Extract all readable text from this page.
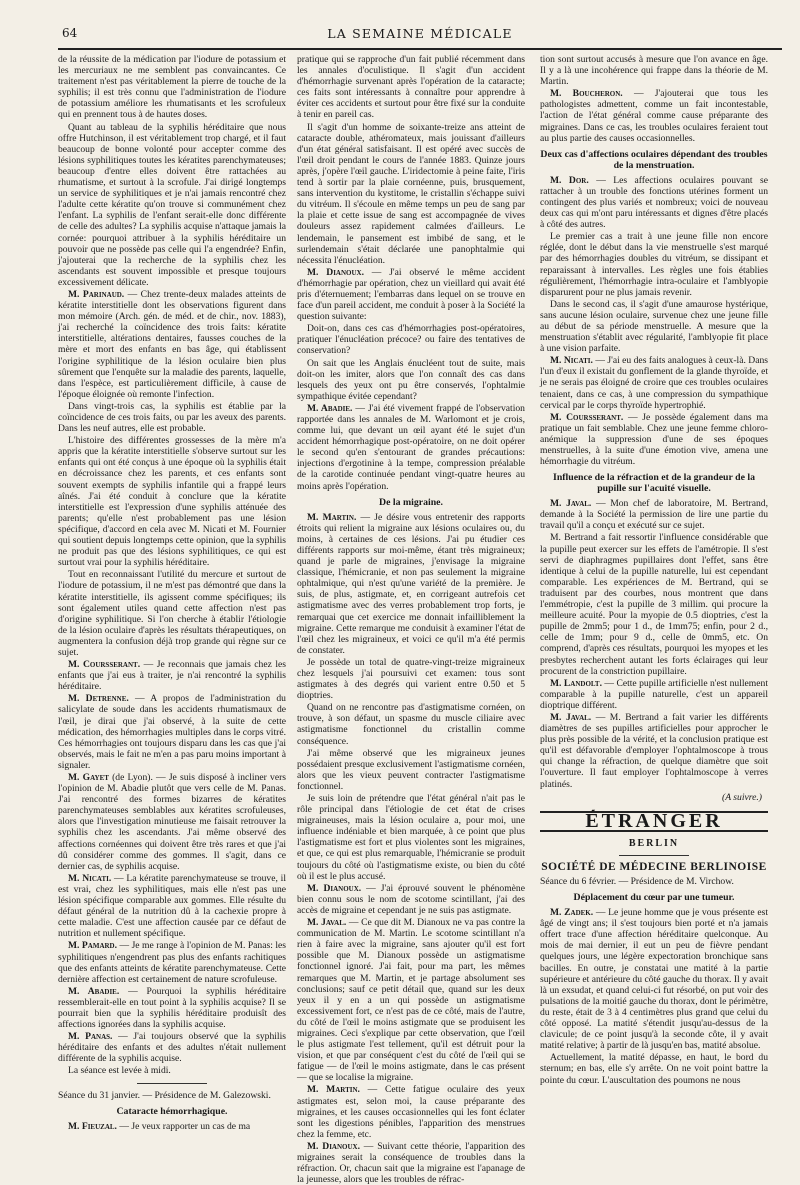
64	LA SEMAINE MÉDICALE

de la réussite de la médication par l'iodure de potassium et les mercuriaux ne me semblent pas convaincantes. Ce traitement n'est pas véritablement la pierre de touche de la syphilis; il est très connu que l'administration de l'iodure de potassium améliore les rhumatisants et les scrofuleux qui en prennent tous à de hautes doses.

Quant au tableau de la syphilis héréditaire que nous offre Hutchinson, il est véritablement trop chargé, et il faut beaucoup de bonne volonté pour accepter comme des lésions syphilitiques toutes les kératites parenchymateuses; beaucoup d'entre elles doivent être rattachées au rhumatisme, et surtout à la scrofule. J'ai dirigé longtemps un service de syphilitiques et je n'ai jamais rencontré chez l'adulte cette kératite qu'on trouve si communément chez l'enfant. La syphilis de l'enfant serait-elle donc différente de celle des adultes? La syphilis acquise n'attaque jamais la cornée: pourquoi attribuer à la syphilis héréditaire un pouvoir que ne possède pas celle qui l'a engendrée? Enfin, j'ajouterai que la recherche de la syphilis chez les ascendants est souvent impossible et presque toujours excessivement délicate.

M. Parinaud. — Chez trente-deux malades atteints de kératite interstitielle dont les observations figurent dans mon mémoire (Arch. gén. de méd. et de chir., nov. 1883), j'ai recherché la coïncidence des trois faits: kératite interstitielle, altérations dentaires, fausses couches de la mère et mort des enfants en bas âge, qui établissent l'origine syphilitique de la lésion oculaire bien plus sûrement que l'enquête sur la maladie des parents, laquelle, dans l'espèce, est particulièrement difficile, à cause de l'époque éloignée où remonte l'infection.

Dans vingt-trois cas, la syphilis est établie par la coïncidence de ces trois faits, ou par les aveux des parents. Dans les neuf autres, elle est probable.

L'histoire des différentes grossesses de la mère m'a appris que la kératite interstitielle s'observe surtout sur les enfants qui ont été conçus à une époque où la syphilis était en décroissance chez les parents, et ces enfants sont souvent exempts de syphilis infantile qui a frappé leurs aînés. J'ai été conduit à conclure que la kératite interstitielle est l'expression d'une syphilis atténuée des parents; qu'elle n'est probablement pas une lésion spécifique, d'accord en cela avec M. Nicati et M. Fournier qui soutient depuis longtemps cette opinion, que la syphilis ne produit pas que des lésions syphilitiques, ce qui est surtout vrai pour la syphilis héréditaire.

Tout en reconnaissant l'utilité du mercure et surtout de l'iodure de potassium, il ne m'est pas démontré que dans la kératite interstitielle, ils agissent comme spécifiques; ils sont également utiles quand cette affection n'est pas d'origine syphilitique. Si l'on cherche à établir l'étiologie de la lésion oculaire d'après les résultats thérapeutiques, on augmentera la confusion déjà trop grande qui règne sur ce sujet.

M. Coursserant. — Je reconnais que jamais chez les enfants que j'ai eus à traiter, je n'ai rencontré la syphilis héréditaire.

M. Detrenne. — A propos de l'administration du salicylate de soude dans les accidents rhumatismaux de l'œil, je dirai que j'ai observé, à la suite de cette médication, des hémorrhagies multiples dans le corps vitré. Ces hémorrhagies ont toujours disparu dans les cas que j'ai observés, mais le fait ne m'en a pas paru moins important à signaler.

M. Gayet (de Lyon). — Je suis disposé à incliner vers l'opinion de M. Abadie plutôt que vers celle de M. Panas. J'ai rencontré des formes bizarres de kératites parenchymateuses semblables aux kératites scrofuleuses, alors que l'investigation minutieuse me faisait retrouver la syphilis chez les ascendants. J'ai même observé des affections cornéennes qui doivent être très rares et que j'ai dû considérer comme des gommes. Il s'agit, dans ce dernier cas, de syphilis acquise.

M. Nicati. — La kératite parenchymateuse se trouve, il est vrai, chez les syphilitiques, mais elle n'est pas une lésion spécifique comparable aux gommes. Elle résulte du défaut général de la nutrition dû à la cachexie propre à cette maladie. C'est une affection causée par ce défaut de nutrition et nullement spécifique.

M. Pamard. — Je me range à l'opinion de M. Panas: les syphilitiques n'engendrent pas plus des enfants rachitiques que des enfants atteints de kératite parenchymateuse. Cette dernière affection est certainement de nature scrofuleuse.

M. Abadie. — Pourquoi la syphilis héréditaire ressemblerait-elle en tout point à la syphilis acquise? Il se pourrait bien que la syphilis héréditaire produisît des affections ignorées dans la syphilis acquise.

M. Panas. — J'ai toujours observé que la syphilis héréditaire des enfants et des adultes n'était nullement différente de la syphilis acquise.

La séance est levée à midi.

Séance du 31 janvier. — Présidence de M. Galezowski.

Cataracte hémorrhagique.

M. Fieuzal. — Je veux rapporter un cas de ma

pratique qui se rapproche d'un fait publié récemment dans les annales d'oculistique. Il s'agit d'un accident d'hémorrhagie survenant après l'opération de la cataracte; ces faits sont intéressants à connaître pour apprendre à éviter ces accidents et surtout pour être fixé sur la conduite à tenir en pareil cas.

Il s'agit d'un homme de soixante-treize ans atteint de cataracte double, athéromateux, mais jouissant d'ailleurs d'un état général satisfaisant. Il est opéré avec succès de l'œil droit pendant le cours de l'année 1883. Quinze jours après, j'opère l'œil gauche. L'iridectomie à peine faite, l'iris tend à sortir par la plaie cornéenne, puis, brusquement, sans intervention du kystitome, le cristallin s'échappe suivi du vitréum. Il s'écoule en même temps un peu de sang par la plaie et cette issue de sang est accompagnée de vives douleurs assez rapidement calmées d'ailleurs. Le lendemain, le pansement est imbibé de sang, et le surlendemain s'était déclarée une panophtalmie qui nécessita l'énucléation.

M. Dianoux. — J'ai observé le même accident d'hémorrhagie par opération, chez un vieillard qui avait été pris d'éternuement; l'embarras dans lequel on se trouve en face d'un pareil accident, me conduit à poser à la Société la question suivante:

Doit-on, dans ces cas d'hémorrhagies post-opératoires, pratiquer l'énucléation précoce? ou faire des tentatives de conservation?

On sait que les Anglais énucléent tout de suite, mais doit-on les imiter, alors que l'on connaît des cas dans lesquels des yeux ont pu être conservés, l'ophtalmie sympathique évitée cependant?

M. Abadie. — J'ai été vivement frappé de l'observation rapportée dans les annales de M. Warlomont et je crois, comme lui, que devant un œil ayant été le sujet d'un accident hémorrhagique post-opératoire, on ne doit opérer le second qu'en s'entourant de grandes précautions: injections d'ergotinine à la tempe, compression préalable de la carotide continuée pendant vingt-quatre heures au moins après l'opération.

De la migraine.

M. Martin. — Je désire vous entretenir des rapports étroits qui relient la migraine aux lésions oculaires ou, du moins, à certaines de ces lésions. J'ai pu étudier ces différents rapports sur moi-même, étant très migraineux; quand je parle de migraines, j'envisage la migraine classique, l'hémicranie, et non pas seulement la migraine ophtalmique, qui n'est qu'une variété de la première. Je suis, de plus, astigmate, et, en corrigeant autrefois cet astigmatisme avec des verres probablement trop forts, je remarquai que cet exercice me donnait infailliblement la migraine. Cette remarque me conduisit à examiner l'état de l'œil chez les migraineux, et voici ce qu'il m'a été permis de constater.

Je possède un total de quatre-vingt-treize migraineux chez lesquels j'ai poursuivi cet examen: tous sont astigmates à des degrés qui varient entre 0.50 et 5 dioptries.

Quand on ne rencontre pas d'astigmatisme cornéen, on trouve, à son défaut, un spasme du muscle ciliaire avec astigmatisme fonctionnel du cristallin comme conséquence.

J'ai même observé que les migraineux jeunes possédaient presque exclusivement l'astigmatisme cornéen, alors que les vieux peuvent contracter l'astigmatisme fonctionnel.

Je suis loin de prétendre que l'état général n'ait pas le rôle principal dans l'étiologie de cet état de crises migraineuses, mais la lésion oculaire a, pour moi, une influence indéniable et bien marquée, à ce point que plus l'astigmatisme est fort et plus violentes sont les migraines, et que, ce qui est plus remarquable, l'hémicranie se produit toujours du côté où l'astigmatisme existe, ou bien du côté où il est le plus accusé.

M. Dianoux. — J'ai éprouvé souvent le phénomène bien connu sous le nom de scotome scintillant, j'ai des accès de migraine et cependant je ne suis pas astigmate.

M. Javal. — Ce que dit M. Dianoux ne va pas contre la communication de M. Martin. Le scotome scintillant n'a rien à faire avec la migraine, sans ajouter qu'il est fort possible que M. Dianoux possède un astigmatisme fonctionnel ignoré. J'ai fait, pour ma part, les mêmes remarques que M. Martin, et je partage absolument ses conclusions; sauf ce petit détail que, quand sur les deux yeux il y en a un qui possède un astigmatisme excessivement fort, ce n'est pas de ce côté, mais de l'autre, du côté de l'œil le moins astigmate que se produisent les migraines. Ceci s'explique par cette observation, que l'œil le plus astigmate l'est tellement, qu'il est détruit pour la vision, et que par conséquent c'est du côté de l'œil qui se fatigue — de l'œil le moins astigmate, dans le cas présent — que se localise la migraine.

M. Martin. — Cette fatigue oculaire des yeux astigmates est, selon moi, la cause préparante des migraines, et les causes occasionnelles qui les font éclater sont les digestions pénibles, l'apparition des menstrues chez la femme, etc.

M. Dianoux. — Suivant cette théorie, l'apparition des migraines serait la conséquence de troubles dans la réfraction. Or, chacun sait que la migraine est l'apanage de la jeunesse, alors que les troubles de réfrac-

tion sont surtout accusés à mesure que l'on avance en âge. Il y a là une incohérence qui frappe dans la théorie de M. Martin.

M. Boucheron. — J'ajouterai que tous les pathologistes admettent, comme un fait incontestable, l'action de l'état général comme cause préparante des migraines. Dans ce cas, les troubles oculaires feraient tout au plus partie des causes occasionnelles.

Deux cas d'affections oculaires dépendant des troubles de la menstruation.

M. Dor. — Les affections oculaires pouvant se rattacher à un trouble des fonctions utérines forment un contingent des plus variés et nombreux; voici de nouveau deux cas qui m'ont paru intéressants et dignes d'être placés à côté des autres.

Le premier cas a trait à une jeune fille non encore réglée, dont le début dans la vie menstruelle s'est marqué par des hémorrhagies doubles du vitréum, se dissipant et reparaissant à intervalles. Les règles une fois établies régulièrement, l'hémorrhagie intra-oculaire et l'amblyopie disparurent pour ne plus jamais revenir.

Dans le second cas, il s'agit d'une amaurose hystérique, sans aucune lésion oculaire, survenue chez une jeune fille au début de sa période menstruelle. A mesure que la menstruation s'établit avec régularité, l'amblyopie fit place à une vision parfaite.

M. Nicati. — J'ai eu des faits analogues à ceux-là. Dans l'un d'eux il existait du gonflement de la glande thyroïde, et je ne serais pas éloigné de croire que ces troubles oculaires tenaient, dans ce cas, à une compression du sympathique cervical par le corps thyroïde hypertrophié.

M. Coursserant. — Je possède également dans ma pratique un fait semblable. Chez une jeune femme chloro-anémique la suppression d'une de ses époques menstruelles, à la suite d'une émotion vive, amena une hémorrhagie du vitréum.

Influence de la réfraction et de la grandeur de la pupille sur l'acuité visuelle.

M. Javal. — Mon chef de laboratoire, M. Bertrand, demande à la Société la permission de lire une partie du travail qu'il a conçu et exécuté sur ce sujet.

M. Bertrand a fait ressortir l'influence considérable que la pupille peut exercer sur les effets de l'amétropie. Il s'est servi de diaphragmes pupillaires dont l'effet, sans être identique à celui de la pupille naturelle, lui est cependant comparable. Les expériences de M. Bertrand, qui se traduisent par des courbes, nous montrent que dans l'emmétropie, c'est la pupille de 3 millim. qui procure la meilleure acuité. Pour la myopie de 0.5 dioptries, c'est la pupille de 2mm5; pour 1 d., de 1mm75; enfin, pour 2 d., celle de 1mm; pour 9 d., celle de 0mm5, etc. On comprend, d'après ces résultats, pourquoi les myopes et les presbytes recherchent autant les forts éclairages qui leur procurent de la constriction pupillaire.

M. Landolt. — Cette pupille artificielle n'est nullement comparable à la pupille naturelle, c'est un appareil dioptrique différent.

M. Javal. — M. Bertrand a fait varier les différents diamètres de ses pupilles artificielles pour approcher le plus près possible de la vérité, et la conclusion pratique est qu'il est défavorable d'employer l'ophtalmoscope à trous qui change la réfraction, de quelque diamètre que soit l'ouverture. Il faut employer l'ophtalmoscope à verres platinés.

(A suivre.)
ÉTRANGER
BERLIN
SOCIÉTÉ DE MÉDECINE BERLINOISE

Séance du 6 février. — Présidence de M. Virchow.

Déplacement du cœur par une tumeur.

M. Zadek. — Le jeune homme que je vous présente est âgé de vingt ans; il s'est toujours bien porté et n'a jamais offert trace d'une affection héréditaire quelconque. Au mois de mai dernier, il eut un peu de fièvre pendant quelques jours, une légère expectoration bronchique sans bacilles. En outre, je constatai une matité à la partie supérieure et antérieure du côté gauche du thorax. Il y avait là un exsudat, et quand celui-ci fut résorbé, on put voir des pulsations de la moitié gauche du thorax, dont le périmètre, du reste, était de 3 à 4 centimètres plus grand que celui du côté opposé. La matité s'étendit jusqu'au-dessus de la clavicule; de ce point jusqu'à la seconde côte, il y avait matité relative; à partir de là jusqu'en bas, matité absolue.

Actuellement, la matité dépasse, en haut, le bord du sternum; en bas, elle s'y arrête. On ne voit point battre la pointe du cœur. L'auscultation des poumons ne nous
